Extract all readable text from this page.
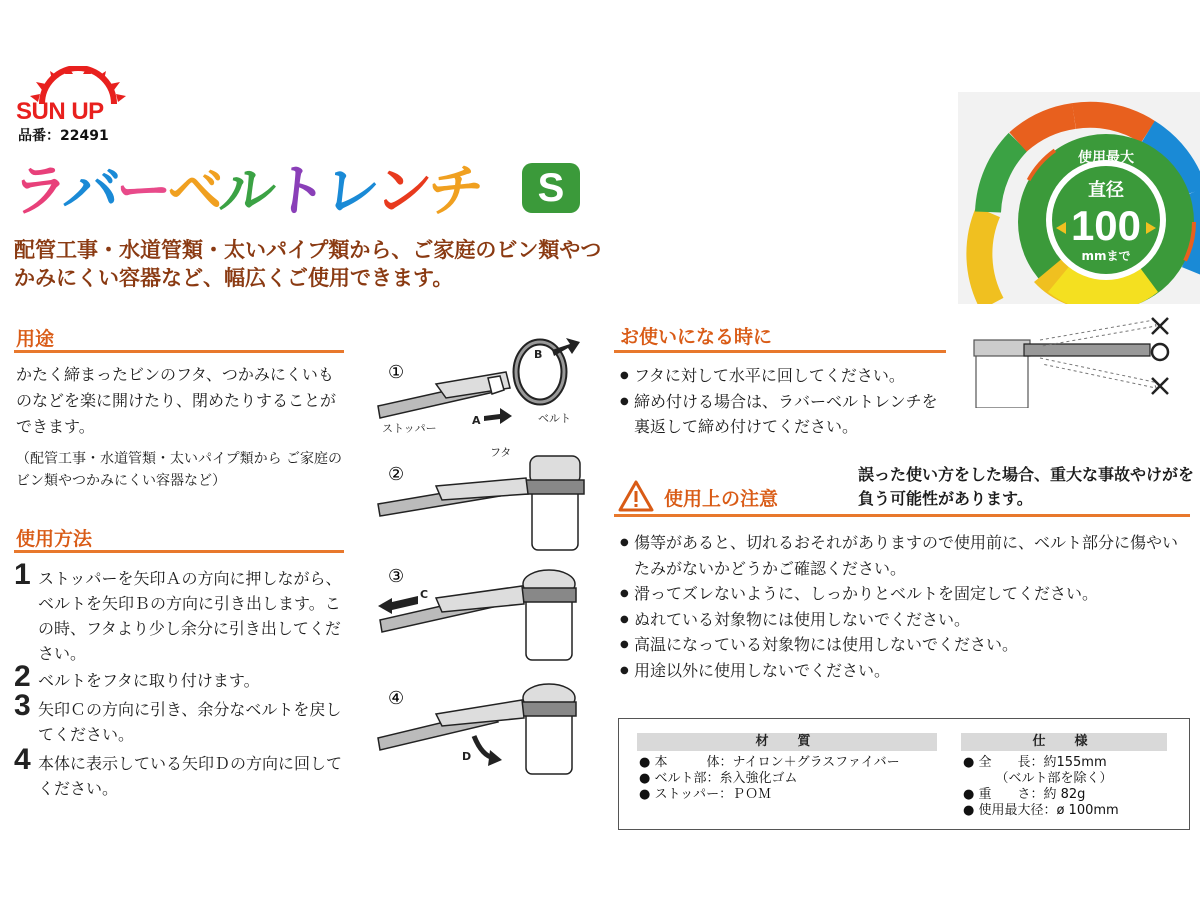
SUN UP
品番：22491
ラ
バ
ー
ベ
ル
ト
レ
ン
チ	S
配管工事・水道管類・太いパイプ類から、ご家庭のビン類やつかみにくい容器など、幅広くご使用できます。
使用最大
直径
100
mmまで
用途
かたく締まったビンのフタ、つかみにくいものなどを楽に開けたり、閉めたりすることができます。
（配管工事・水道管類・太いパイプ類から ご家庭のビン類やつかみにくい容器など）
使用方法
1 ストッパーを矢印Ａの方向に押しながら、ベルトを矢印Ｂの方向に引き出します。この時、フタより少し余分に引き出してください。
2 ベルトをフタに取り付けます。
3 矢印Ｃの方向に引き、余分なベルトを戻してください。
4 本体に表示している矢印Ｄの方向に回してください。
①
B
A
ストッパー
ベルト
②
フタ
③
C
④
D
お使いになる時に
● フタに対して水平に回してください。
● 締め付ける場合は、ラバーベルトレンチを裏返して締め付けてください。
使用上の注意
誤った使い方をした場合、重大な事故やけがを負う可能性があります。
● 傷等があると、切れるおそれがありますので使用前に、ベルト部分に傷やいたみがないかどうかご確認ください。
● 滑ってズレないように、しっかりとベルトを固定してください。
● ぬれている対象物には使用しないでください。
● 高温になっている対象物には使用しないでください。
● 用途以外に使用しないでください。
材　質
● 本　　　体：ナイロン＋グラスファイバー
● ベルト部：糸入強化ゴム
● ストッパー：ＰＯＭ
仕　様
● 全　　長：約155mm
　　　（ベルト部を除く）
● 重　　さ：約 82g
● 使用最大径：ø 100mm
